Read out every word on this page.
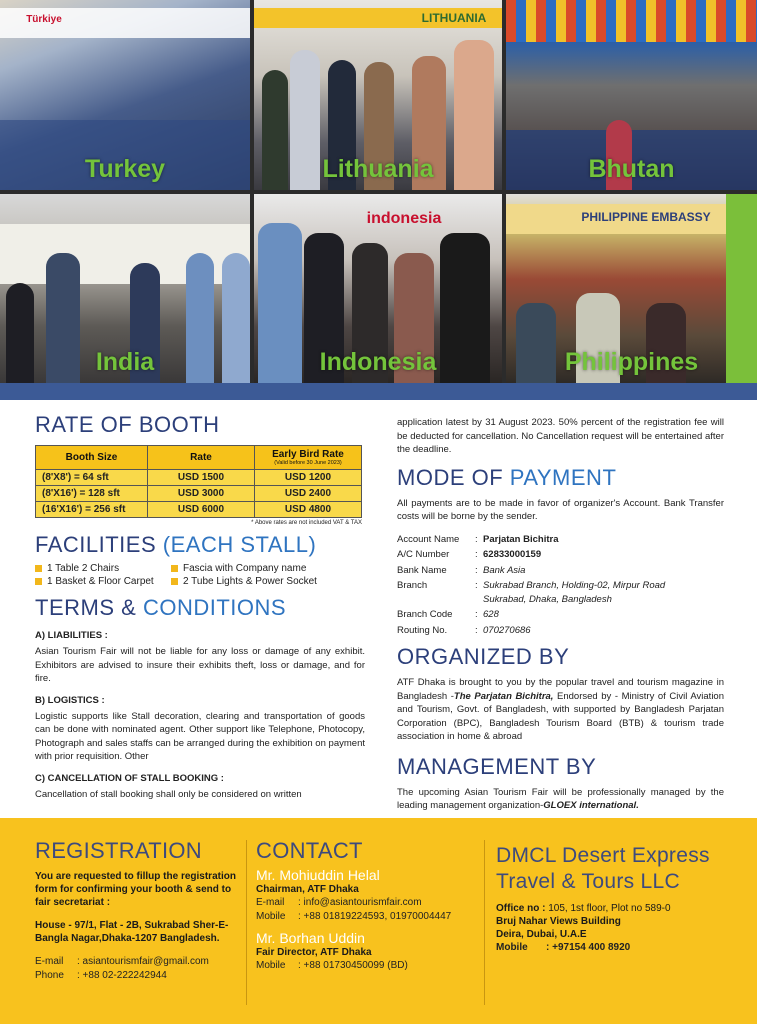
Türkiye
Turkey
LITHUANIA
Lithuania	Bhutan
India
indonesia
Indonesia
PHILIPPINE EMBASSY
Philippines
RATE OF BOOTH
Booth Size	Rate	Early Bird Rate
(Valid before 30 June 2023)

(8'X8') = 64 sft	USD 1500	USD 1200
(8'X16') = 128 sft	USD 3000	USD 2400
(16'X16') = 256 sft	USD 6000	USD 4800
* Above rates are not included VAT & TAX
FACILITIES (EACH STALL)
1 Table 2 Chairs	Fascia with Company name
1 Basket & Floor Carpet	2 Tube Lights & Power Socket
TERMS & CONDITIONS
A) LIABILITIES :
Asian Tourism Fair will not be liable for any loss or damage of any exhibit. Exhibitors are advised to insure their exhibits theft, loss or damage, and for fire.
B) LOGISTICS :
Logistic supports like Stall decoration, clearing and transportation of goods can be done with nominated agent. Other support like Telephone, Photocopy, Photograph and sales staffs can be arranged during the exhibition on payment with prior requisition. Other
C) CANCELLATION OF STALL BOOKING :
Cancellation of stall booking shall only be considered on written
application latest by 31 August 2023. 50% percent of the registration fee will be deducted for cancellation. No Cancellation request will be entertained after the deadline.
MODE OF PAYMENT
All payments are to be made in favor of organizer's Account. Bank Transfer costs will be borne by the sender.
Account Name	:	Parjatan Bichitra
A/C Number	:	62833000159
Bank Name	:	Bank Asia
Branch	:	Sukrabad Branch, Holding-02, Mirpur Road
Sukrabad, Dhaka, Bangladesh

Branch Code	:	628
Routing No.	:	070270686
ORGANIZED BY
ATF Dhaka is brought to you by the popular travel and tourism magazine in Bangladesh -The Parjatan Bichitra, Endorsed by - Ministry of Civil Aviation and Tourism, Govt. of Bangladesh, with supported by Bangladesh Parjatan Corporation (BPC), Bangladesh Tourism Board (BTB) & tourism trade association in home & abroad
MANAGEMENT BY
The upcoming Asian Tourism Fair will be professionally managed by the leading management organization-GLOEX international.
REGISTRATION
You are requested to fillup the registration form for confirming your booth & send to fair secretariat :
House - 97/1, Flat - 2B, Sukrabad Sher-E-Bangla Nagar,Dhaka-1207 Bangladesh.
E-mail	: asiantourismfair@gmail.com
Phone	: +88 02-222242944
CONTACT
Mr. Mohiuddin Helal
Chairman, ATF Dhaka
E-mail	: info@asiantourismfair.com
Mobile	: +88 01819224593, 01970004447
Mr. Borhan Uddin
Fair Director, ATF Dhaka
Mobile	: +88 01730450099 (BD)
DMCL Desert Express
Travel & Tours LLC
Office no : 105, 1st floor, Plot no 589-0
Bruj Nahar Views Building
Deira, Dubai, U.A.E
Mobile	: +97154 400 8920
